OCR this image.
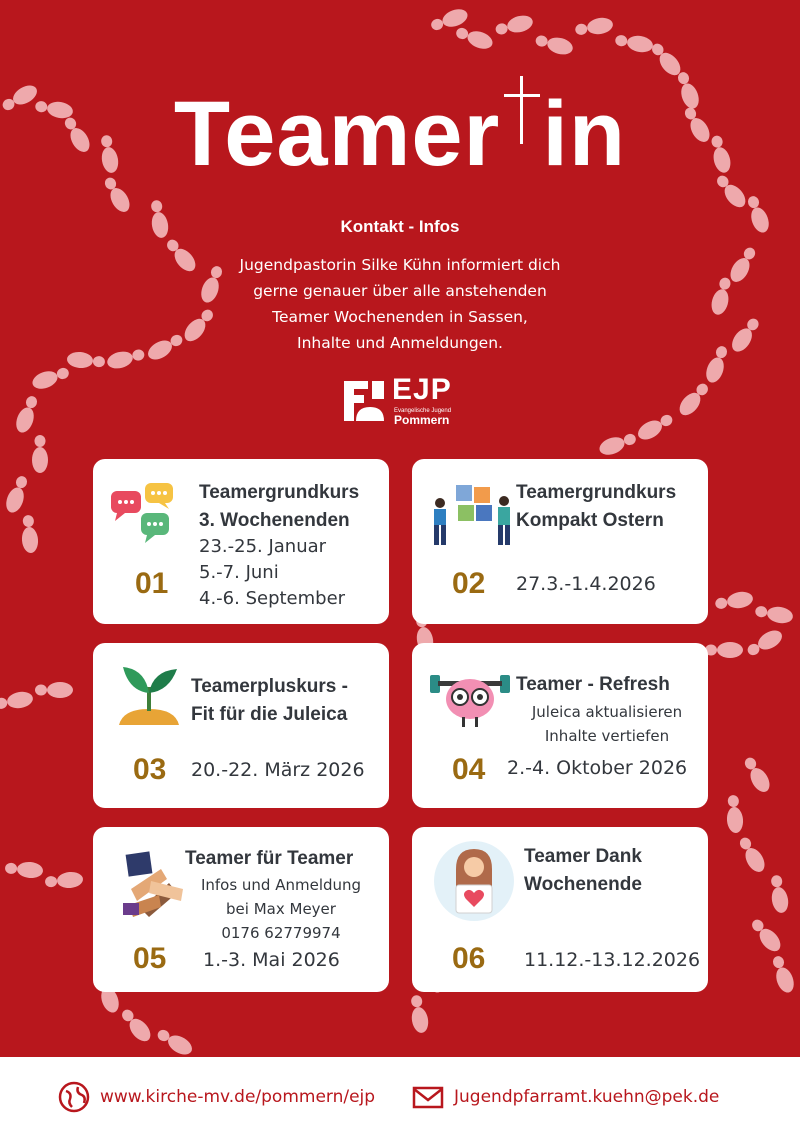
Teamer in
Kontakt - Infos
Jugendpastorin Silke Kühn informiert dich
gerne genauer über alle anstehenden
Teamer Wochenenden in Sassen,
Inhalte und Anmeldungen.
EJP
Evangelische Jugend
Pommern
Teamergrundkurs
3. Wochenenden
23.-25. Januar
5.-7. Juni
4.-6. September
01
Teamergrundkurs
Kompakt Ostern
02 27.3.-1.4.2026
Teamerpluskurs -
Fit für die Juleica
03 20.-22. März 2026
Teamer - Refresh
Juleica aktualisieren
Inhalte vertiefen
04 2.-4. Oktober 2026
Teamer für Teamer
Infos und Anmeldung
bei Max Meyer
0176 62779974
05 1.-3. Mai 2026
Teamer Dank
Wochenende
06 11.12.-13.12.2026
www.kirche-mv.de/pommern/ejp	Jugendpfarramt.kuehn@pek.de
